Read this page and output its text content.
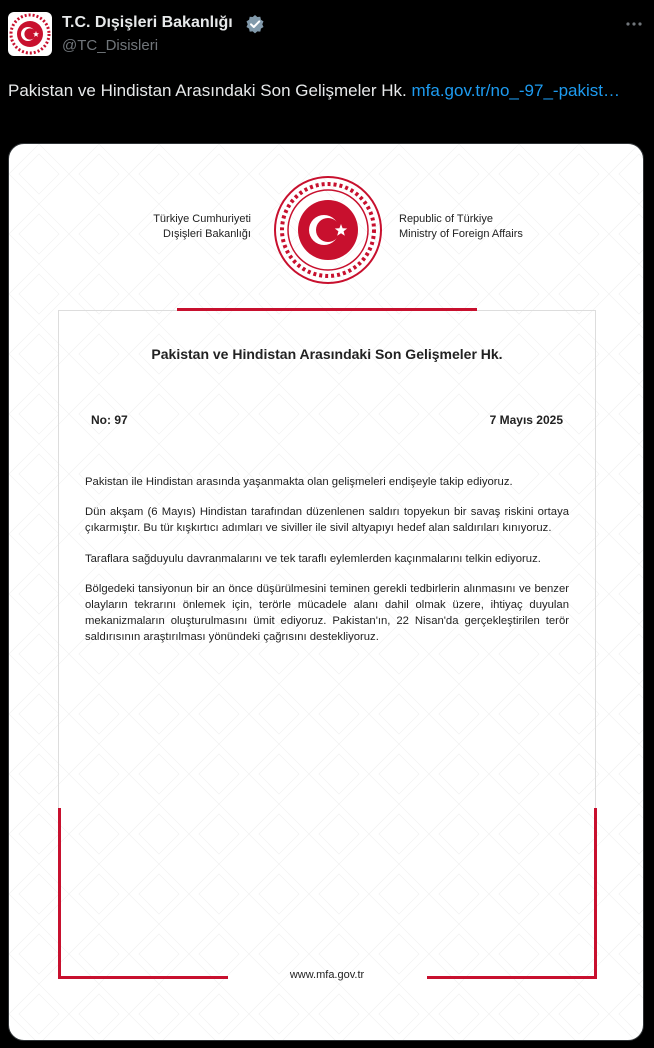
T.C. Dışişleri Bakanlığı
@TC_Disisleri
Pakistan ve Hindistan Arasındaki Son Gelişmeler Hk. mfa.gov.tr/no_-97_-pakist…
Türkiye Cumhuriyeti
Dışişleri Bakanlığı
Republic of Türkiye
Ministry of Foreign Affairs
Pakistan ve Hindistan Arasındaki Son Gelişmeler Hk.
No: 97	7 Mayıs 2025

Pakistan ile Hindistan arasında yaşanmakta olan gelişmeleri endişeyle takip ediyoruz.

Dün akşam (6 Mayıs) Hindistan tarafından düzenlenen saldırı topyekun bir savaş riskini ortaya çıkarmıştır. Bu tür kışkırtıcı adımları ve siviller ile sivil altyapıyı hedef alan saldırıları kınıyoruz.

Taraflara sağduyulu davranmalarını ve tek taraflı eylemlerden kaçınmalarını telkin ediyoruz.

Bölgedeki tansiyonun bir an önce düşürülmesini teminen gerekli tedbirlerin alınmasını ve benzer olayların tekrarını önlemek için, terörle mücadele alanı dahil olmak üzere, ihtiyaç duyulan mekanizmaların oluşturulmasını ümit ediyoruz. Pakistan'ın, 22 Nisan'da gerçekleştirilen terör saldırısının araştırılması yönündeki çağrısını destekliyoruz.

www.mfa.gov.tr
